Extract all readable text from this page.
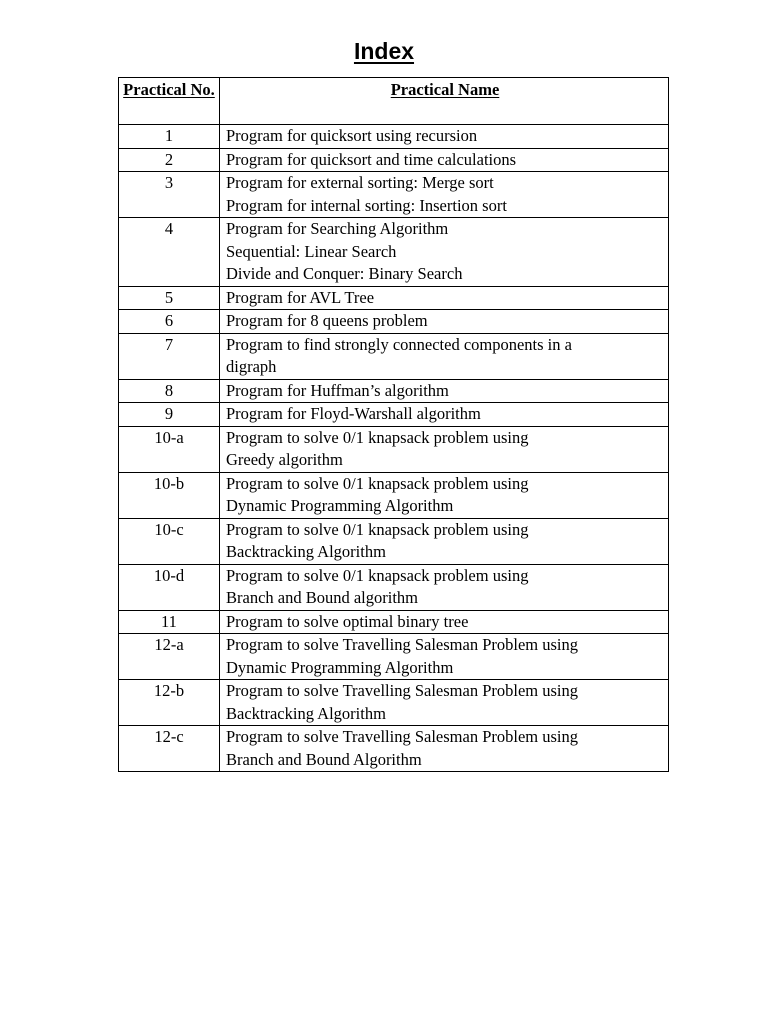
Index
Practical No.	Practical Name
1	Program for quicksort using recursion

2	Program for quicksort and time calculations

3	Program for external sorting: Merge sort
Program for internal sorting: Insertion sort

4	Program for Searching Algorithm
Sequential: Linear Search
Divide and Conquer: Binary Search

5	Program for AVL Tree

6	Program for 8 queens problem

7	Program to find strongly connected components in a
digraph

8	Program for Huffman’s algorithm

9	Program for Floyd-Warshall algorithm

10-a	Program to solve 0/1 knapsack problem using
Greedy algorithm

10-b	Program to solve 0/1 knapsack problem using
Dynamic Programming Algorithm

10-c	Program to solve 0/1 knapsack problem using
Backtracking Algorithm

10-d	Program to solve 0/1 knapsack problem using
Branch and Bound algorithm

11	Program to solve optimal binary tree

12-a	Program to solve Travelling Salesman Problem using
Dynamic Programming Algorithm

12-b	Program to solve Travelling Salesman Problem using
Backtracking Algorithm

12-c	Program to solve Travelling Salesman Problem using
Branch and Bound Algorithm
